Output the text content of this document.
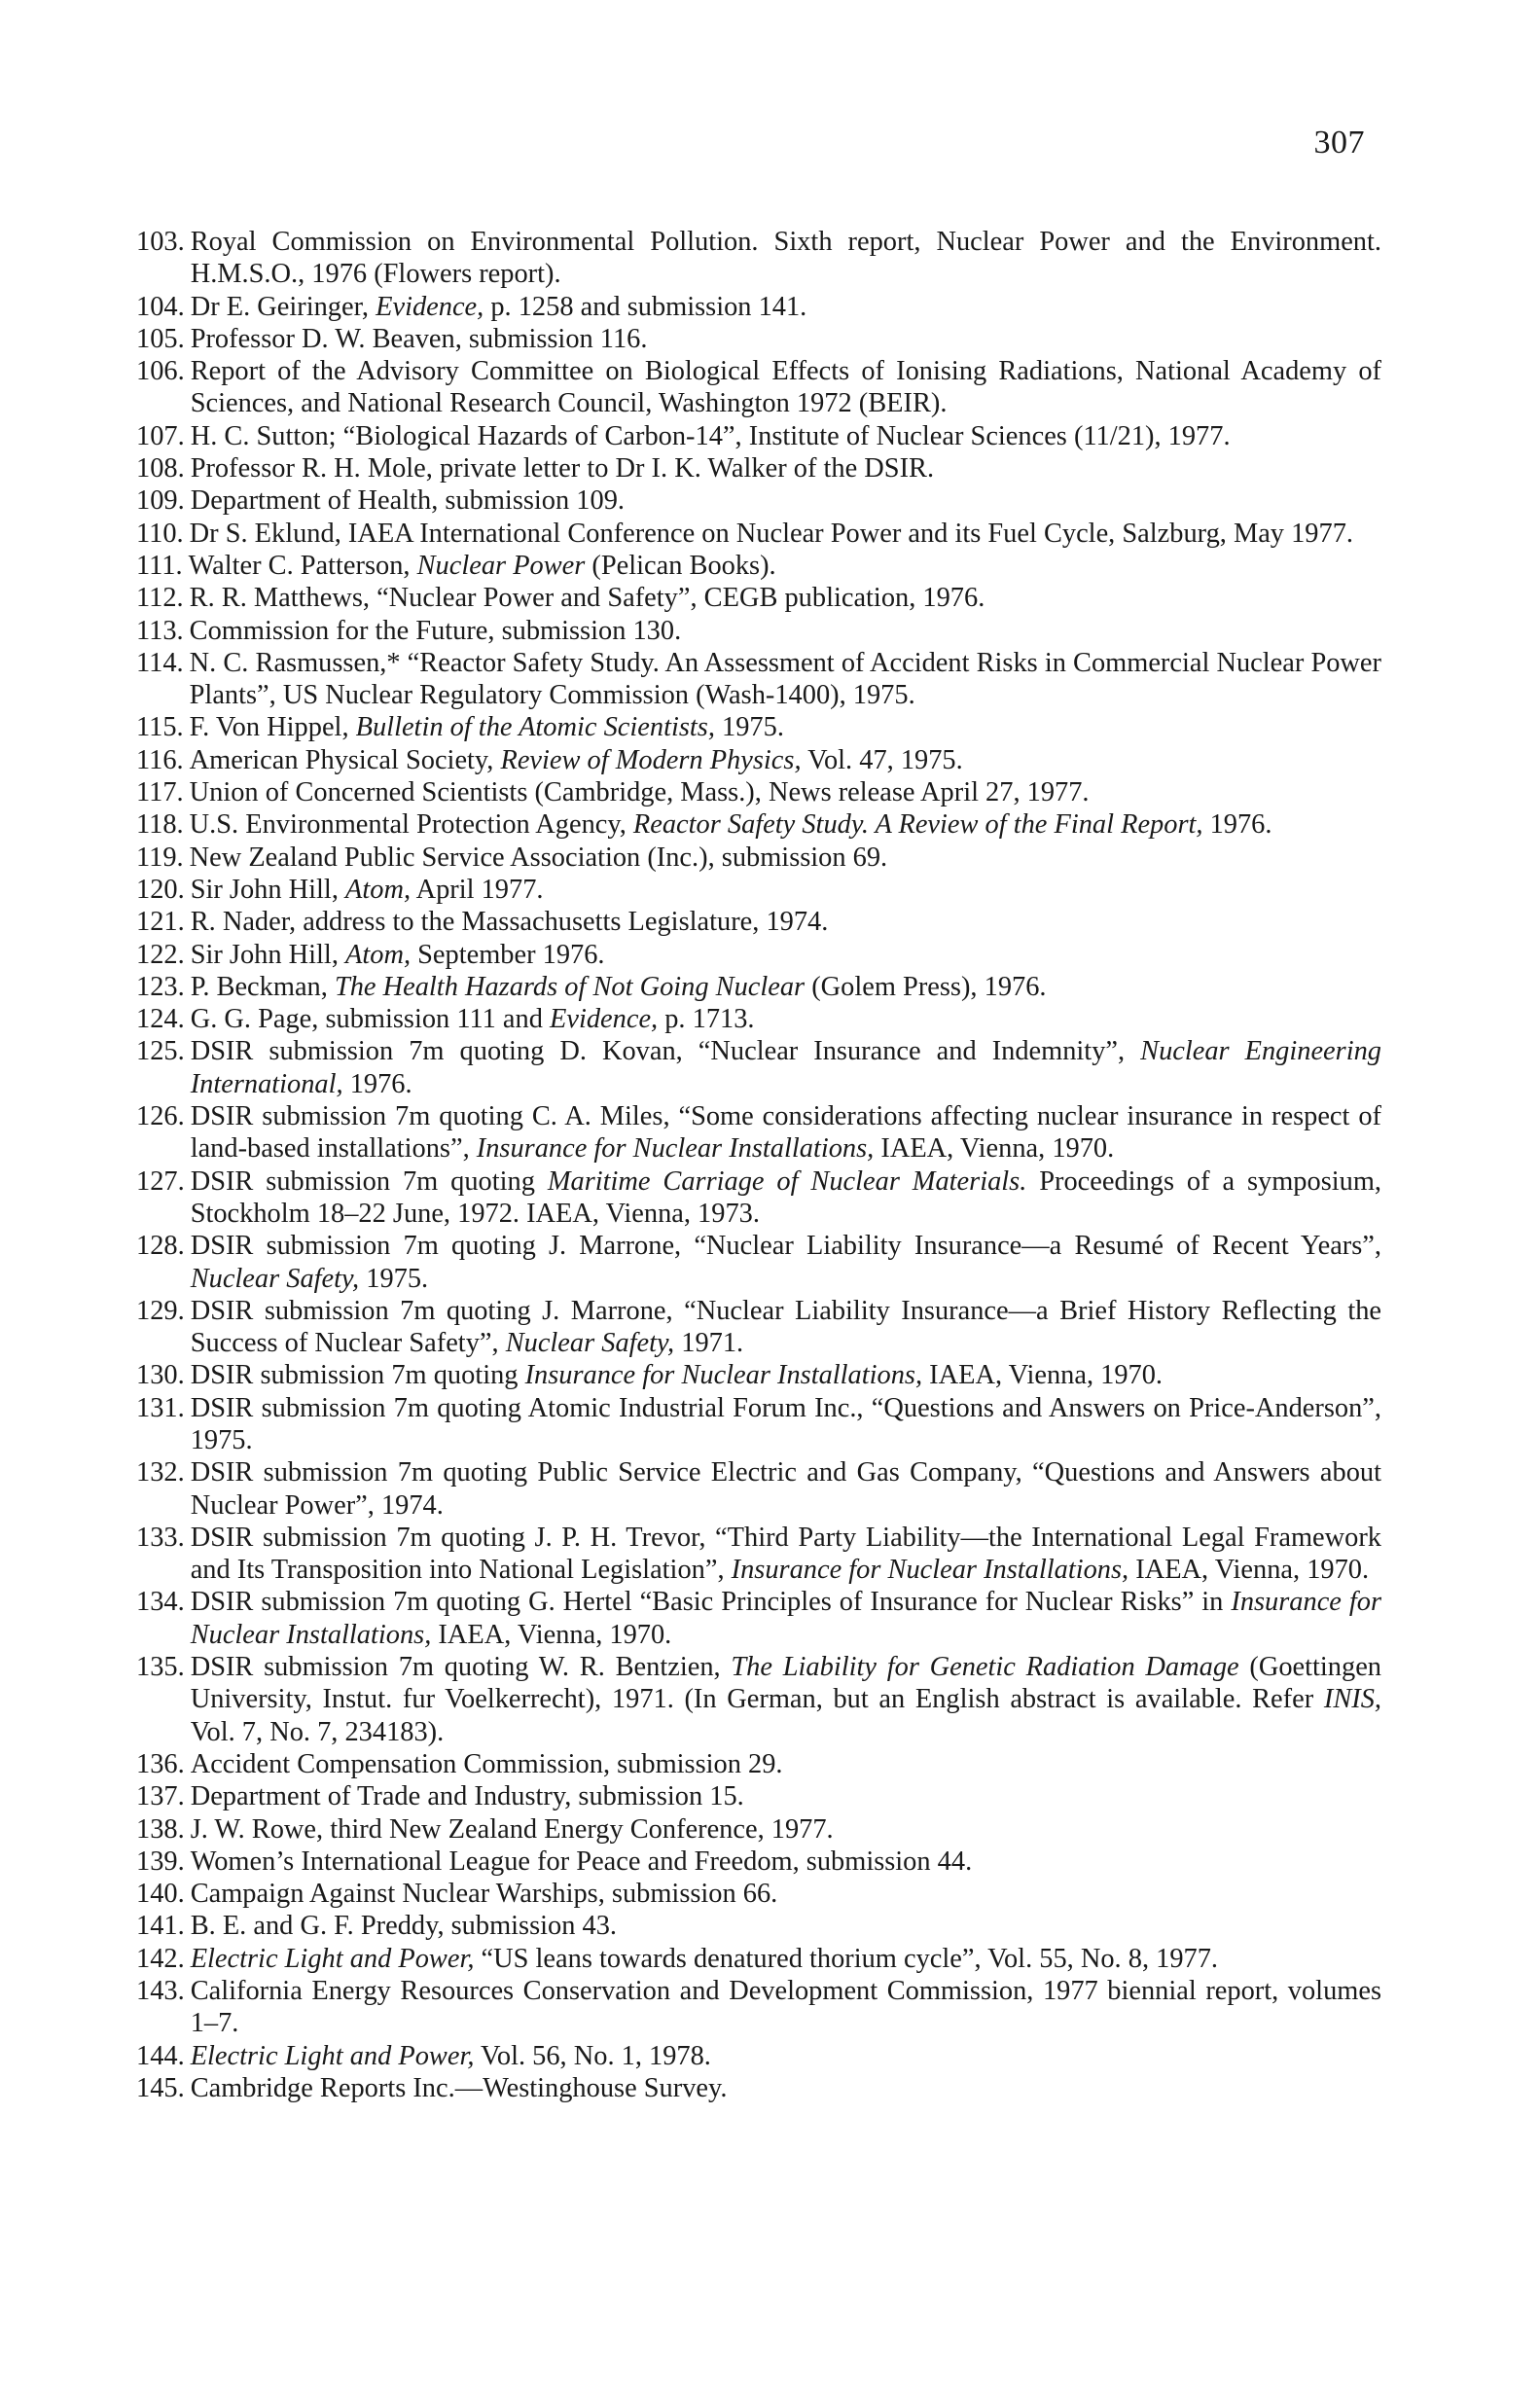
307
103. Royal Commission on Environmental Pollution. Sixth report, Nuclear Power and the Environment. H.M.S.O., 1976 (Flowers report).
104. Dr E. Geiringer, Evidence, p. 1258 and submission 141.
105. Professor D. W. Beaven, submission 116.
106. Report of the Advisory Committee on Biological Effects of Ionising Radiations, National Academy of Sciences, and National Research Council, Washington 1972 (BEIR).
107. H. C. Sutton; “Biological Hazards of Carbon-14”, Institute of Nuclear Sciences (11/21), 1977.
108. Professor R. H. Mole, private letter to Dr I. K. Walker of the DSIR.
109. Department of Health, submission 109.
110. Dr S. Eklund, IAEA International Conference on Nuclear Power and its Fuel Cycle, Salzburg, May 1977.
111. Walter C. Patterson, Nuclear Power (Pelican Books).
112. R. R. Matthews, “Nuclear Power and Safety”, CEGB publication, 1976.
113. Commission for the Future, submission 130.
114. N. C. Rasmussen,* “Reactor Safety Study. An Assessment of Accident Risks in Commercial Nuclear Power Plants”, US Nuclear Regulatory Commission (Wash-1400), 1975.
115. F. Von Hippel, Bulletin of the Atomic Scientists, 1975.
116. American Physical Society, Review of Modern Physics, Vol. 47, 1975.
117. Union of Concerned Scientists (Cambridge, Mass.), News release April 27, 1977.
118. U.S. Environmental Protection Agency, Reactor Safety Study. A Review of the Final Report, 1976.
119. New Zealand Public Service Association (Inc.), submission 69.
120. Sir John Hill, Atom, April 1977.
121. R. Nader, address to the Massachusetts Legislature, 1974.
122. Sir John Hill, Atom, September 1976.
123. P. Beckman, The Health Hazards of Not Going Nuclear (Golem Press), 1976.
124. G. G. Page, submission 111 and Evidence, p. 1713.
125. DSIR submission 7m quoting D. Kovan, “Nuclear Insurance and Indemnity”, Nuclear Engineering International, 1976.
126. DSIR submission 7m quoting C. A. Miles, “Some considerations affecting nuclear insurance in respect of land-based installations”, Insurance for Nuclear Installations, IAEA, Vienna, 1970.
127. DSIR submission 7m quoting Maritime Carriage of Nuclear Materials. Proceedings of a symposium, Stockholm 18–22 June, 1972. IAEA, Vienna, 1973.
128. DSIR submission 7m quoting J. Marrone, “Nuclear Liability Insurance—a Resumé of Recent Years”, Nuclear Safety, 1975.
129. DSIR submission 7m quoting J. Marrone, “Nuclear Liability Insurance—a Brief History Reflecting the Success of Nuclear Safety”, Nuclear Safety, 1971.
130. DSIR submission 7m quoting Insurance for Nuclear Installations, IAEA, Vienna, 1970.
131. DSIR submission 7m quoting Atomic Industrial Forum Inc., “Questions and Answers on Price-Anderson”, 1975.
132. DSIR submission 7m quoting Public Service Electric and Gas Company, “Questions and Answers about Nuclear Power”, 1974.
133. DSIR submission 7m quoting J. P. H. Trevor, “Third Party Liability—the International Legal Framework and Its Transposition into National Legislation”, Insurance for Nuclear Installations, IAEA, Vienna, 1970.
134. DSIR submission 7m quoting G. Hertel “Basic Principles of Insurance for Nuclear Risks” in Insurance for Nuclear Installations, IAEA, Vienna, 1970.
135. DSIR submission 7m quoting W. R. Bentzien, The Liability for Genetic Radiation Damage (Goettingen University, Instut. fur Voelkerrecht), 1971. (In German, but an English abstract is available. Refer INIS, Vol. 7, No. 7, 234183).
136. Accident Compensation Commission, submission 29.
137. Department of Trade and Industry, submission 15.
138. J. W. Rowe, third New Zealand Energy Conference, 1977.
139. Women’s International League for Peace and Freedom, submission 44.
140. Campaign Against Nuclear Warships, submission 66.
141. B. E. and G. F. Preddy, submission 43.
142. Electric Light and Power, “US leans towards denatured thorium cycle”, Vol. 55, No. 8, 1977.
143. California Energy Resources Conservation and Development Commission, 1977 biennial report, volumes 1–7.
144. Electric Light and Power, Vol. 56, No. 1, 1978.
145. Cambridge Reports Inc.—Westinghouse Survey.
